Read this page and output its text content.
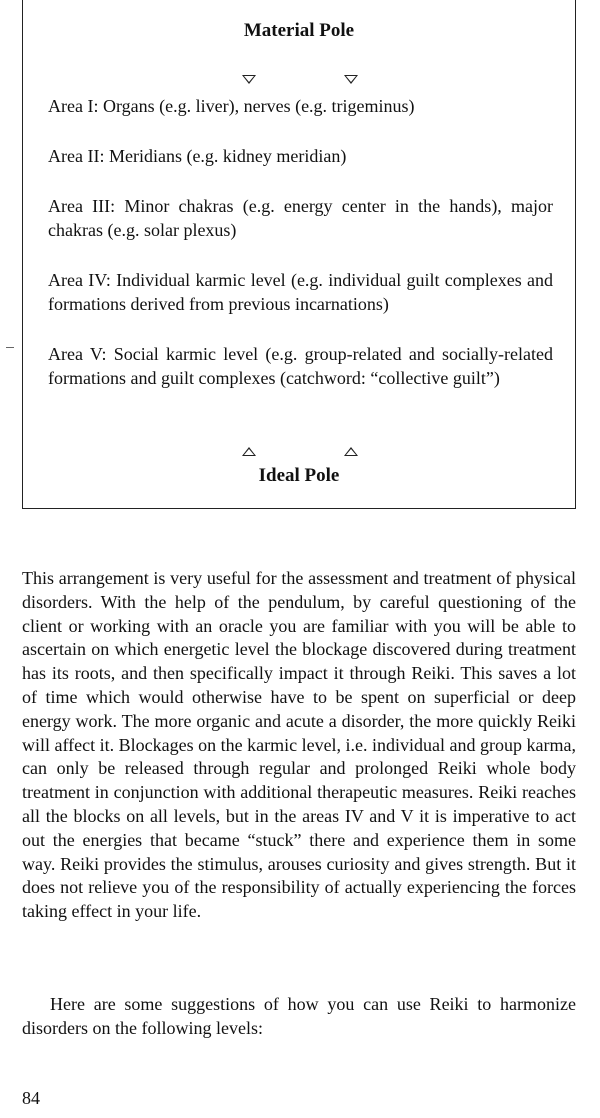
Material Pole
Area I: Organs (e.g. liver), nerves (e.g. trigeminus)
Area II: Meridians (e.g. kidney meridian)
Area III: Minor chakras (e.g. energy center in the hands), major chakras (e.g. solar plexus)
Area IV: Individual karmic level (e.g. individual guilt complexes and formations derived from previous incarnations)
Area V: Social karmic level (e.g. group-related and socially-related formations and guilt complexes (catchword: “collective guilt”)
Ideal Pole
This arrangement is very useful for the assessment and treatment of physical disorders. With the help of the pendulum, by careful questioning of the client or working with an oracle you are familiar with you will be able to ascertain on which energetic level the blockage discovered during treatment has its roots, and then specifically impact it through Reiki. This saves a lot of time which would otherwise have to be spent on superficial or deep energy work. The more organic and acute a disorder, the more quickly Reiki will affect it. Blockages on the karmic level, i.e. individual and group karma, can only be released through regular and prolonged Reiki whole body treatment in conjunction with additional therapeutic measures. Reiki reaches all the blocks on all levels, but in the areas IV and V it is imperative to act out the energies that became “stuck” there and experience them in some way. Reiki provides the stimulus, arouses curiosity and gives strength. But it does not relieve you of the responsibility of actually experiencing the forces taking effect in your life.
Here are some suggestions of how you can use Reiki to harmonize disorders on the following levels:
84
